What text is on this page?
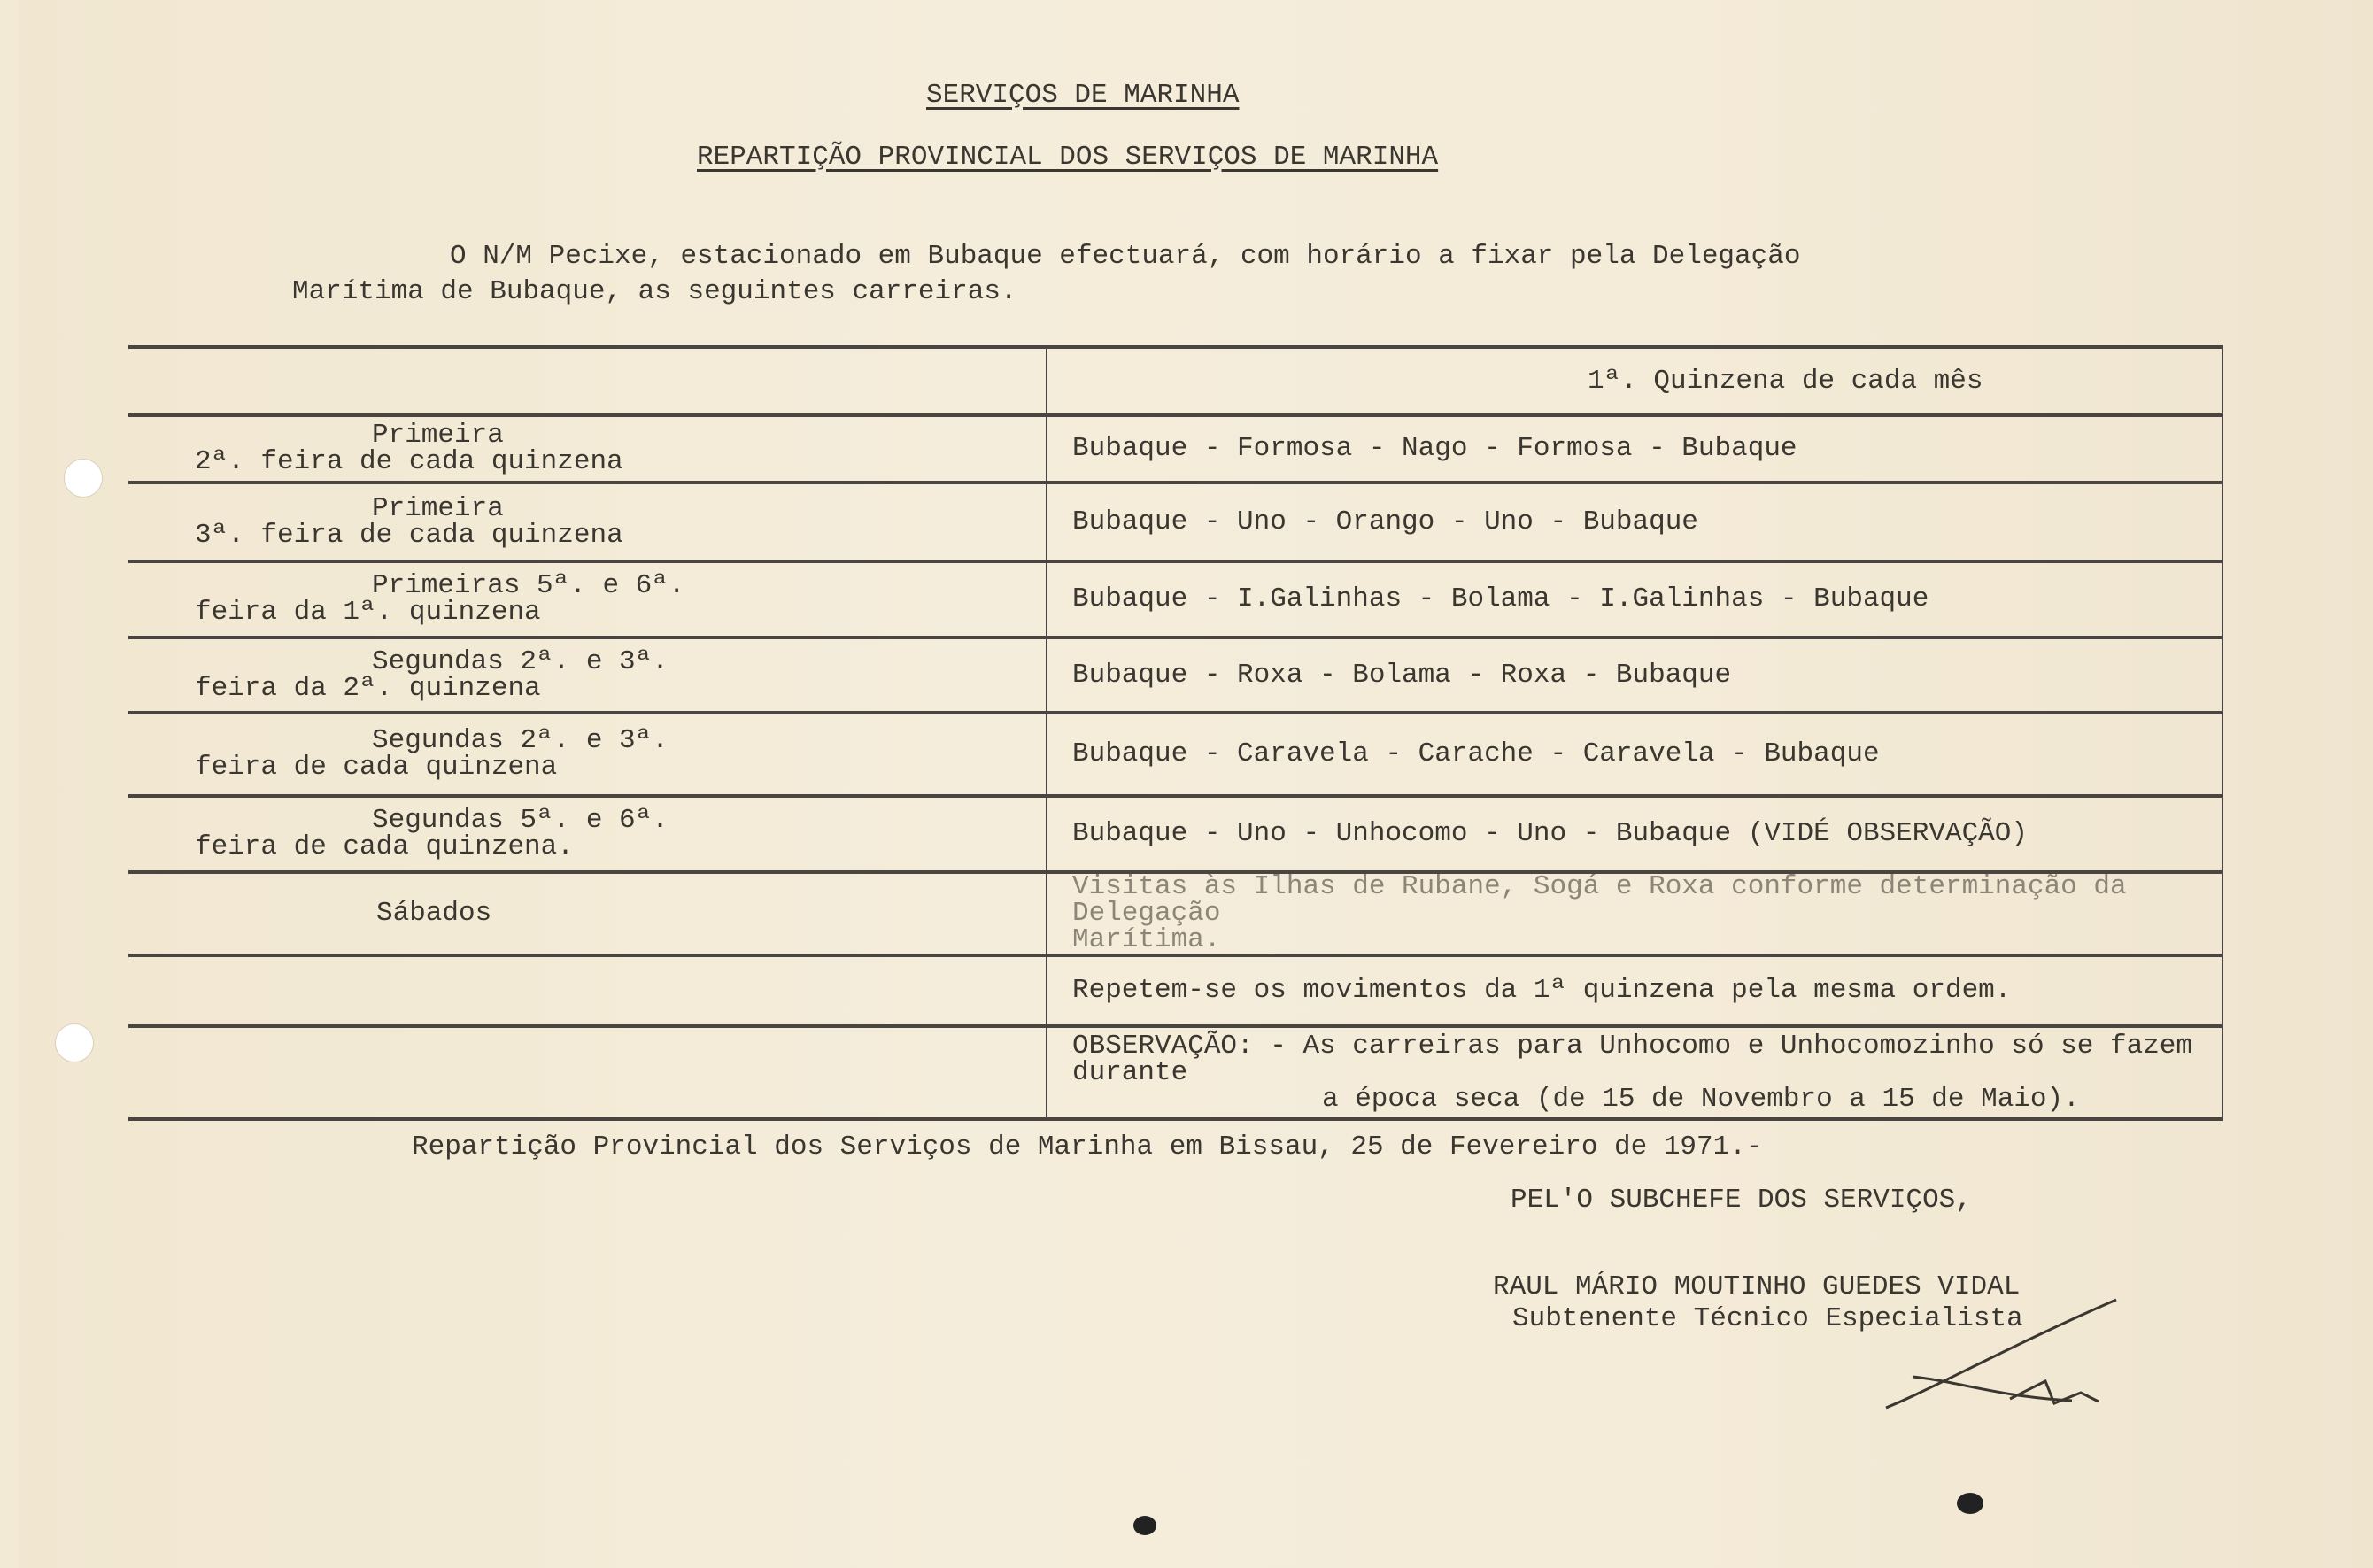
SERVIÇOS DE MARINHA
REPARTIÇÃO PROVINCIAL DOS SERVIÇOS DE MARINHA
O N/M Pecixe, estacionado em Bubaque efectuará, com horário a fixar pela Delegação
Marítima de Bubaque, as seguintes carreiras.
	1ª. Quinzena de cada mês

Primeira
2ª. feira de cada quinzena	Bubaque - Formosa - Nago - Formosa - Bubaque

Primeira
3ª. feira de cada quinzena	Bubaque - Uno - Orango - Uno - Bubaque

Primeiras 5ª. e 6ª.
feira da 1ª. quinzena	Bubaque - I.Galinhas - Bolama - I.Galinhas - Bubaque

Segundas 2ª. e 3ª.
feira da 2ª. quinzena	Bubaque - Roxa - Bolama - Roxa - Bubaque

Segundas 2ª. e 3ª.
feira de cada quinzena	Bubaque - Caravela - Carache - Caravela - Bubaque

Segundas 5ª. e 6ª.
feira de cada quinzena.	Bubaque - Uno - Unhocomo - Uno - Bubaque (VIDÉ OBSERVAÇÃO)
Sábados	Visitas às Ilhas de Rubane, Sogá e Roxa conforme determinação da Delegação
Marítima.

	Repetem-se os movimentos da 1ª quinzena pela mesma ordem.

	OBSERVAÇÃO: - As carreiras para Unhocomo e Unhocomozinho só se fazem durante
a época seca (de 15 de Novembro a 15 de Maio).
Repartição Provincial dos Serviços de Marinha em Bissau, 25 de Fevereiro de 1971.-
PEL'O SUBCHEFE DOS SERVIÇOS,
RAUL MÁRIO MOUTINHO GUEDES VIDAL
Subtenente Técnico Especialista
